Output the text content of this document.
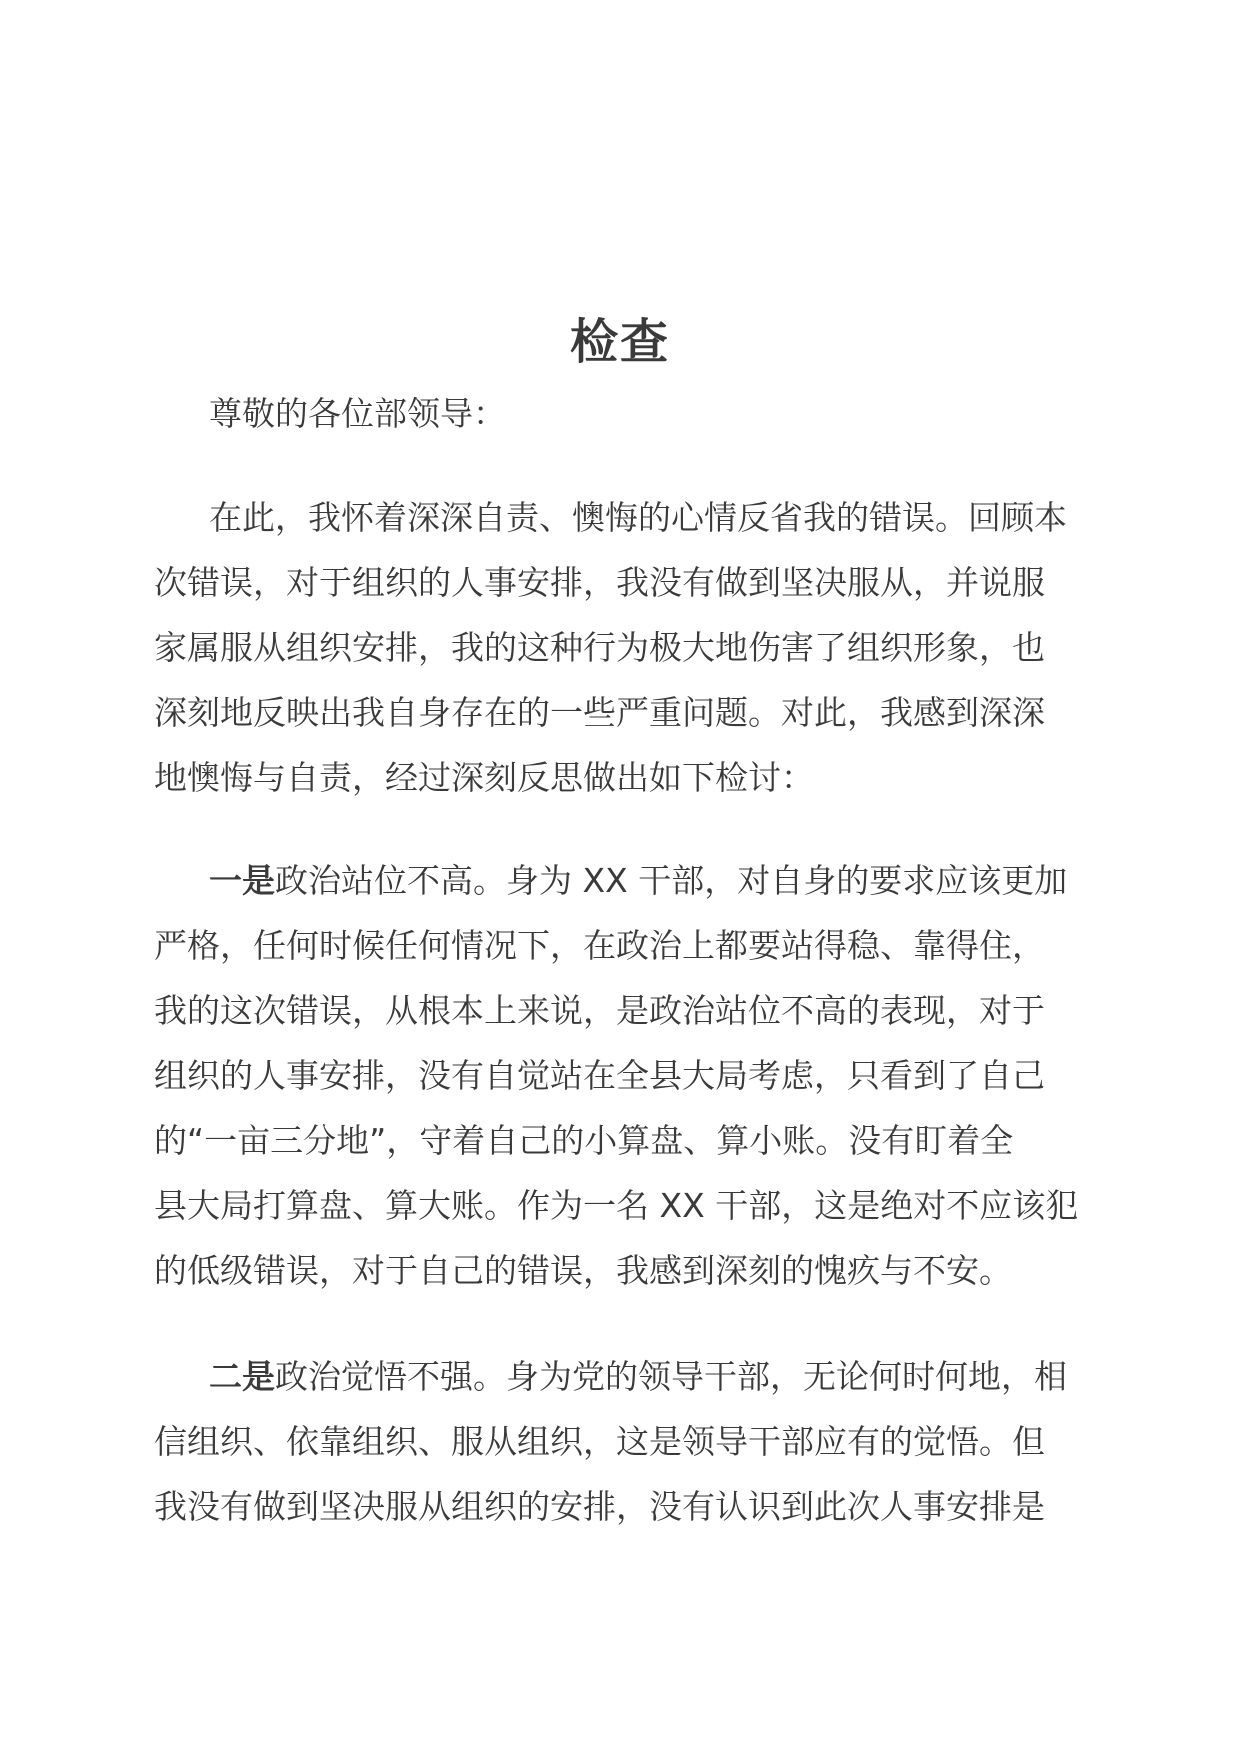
检查

尊敬的各位部领导：

在此，我怀着深深自责、懊悔的心情反省我的错误。回顾本
次错误，对于组织的人事安排，我没有做到坚决服从，并说服
家属服从组织安排，我的这种行为极大地伤害了组织形象，也
深刻地反映出我自身存在的一些严重问题。对此，我感到深深
地懊悔与自责，经过深刻反思做出如下检讨：

一是政治站位不高。身为 XX 干部，对自身的要求应该更加
严格，任何时候任何情况下，在政治上都要站得稳、靠得住，
我的这次错误，从根本上来说，是政治站位不高的表现，对于
组织的人事安排，没有自觉站在全县大局考虑，只看到了自己
的“一亩三分地”，守着自己的小算盘、算小账。没有盯着全
县大局打算盘、算大账。作为一名 XX 干部，这是绝对不应该犯
的低级错误，对于自己的错误，我感到深刻的愧疚与不安。

二是政治觉悟不强。身为党的领导干部，无论何时何地，相
信组织、依靠组织、服从组织，这是领导干部应有的觉悟。但
我没有做到坚决服从组织的安排，没有认识到此次人事安排是
